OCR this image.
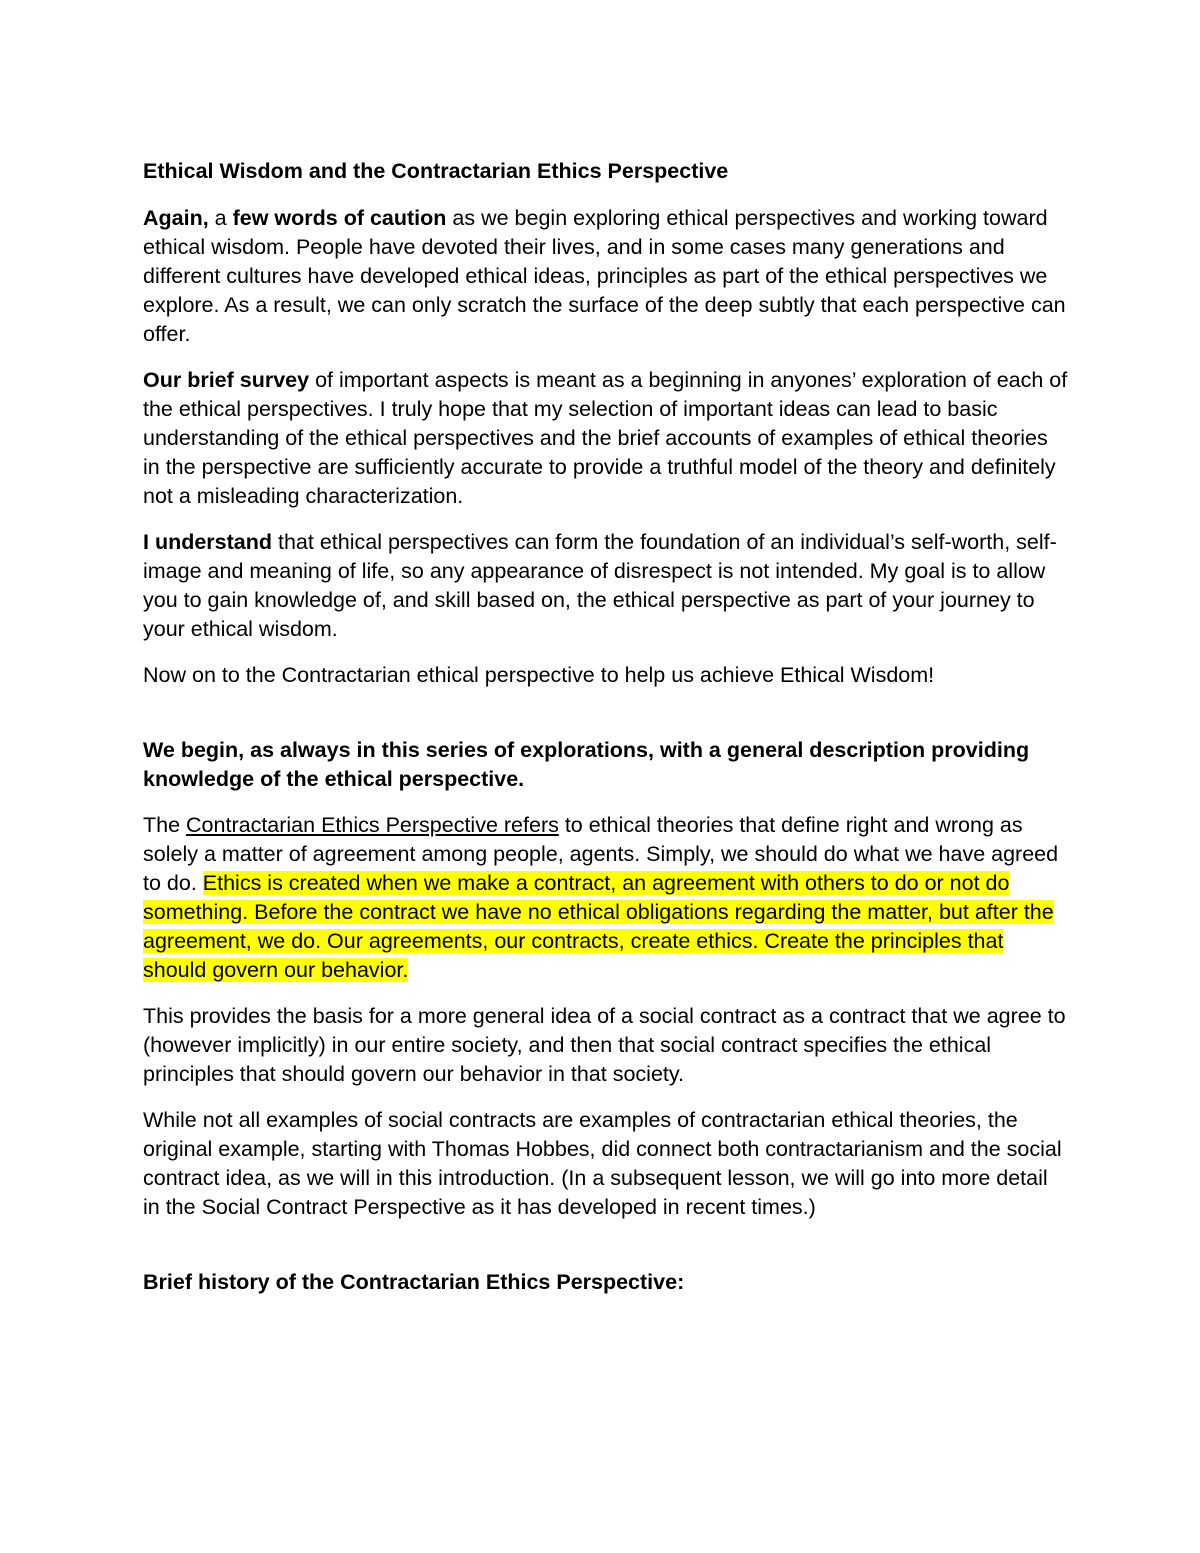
Ethical Wisdom and the Contractarian Ethics Perspective

Again, a few words of caution as we begin exploring ethical perspectives and working toward ethical wisdom. People have devoted their lives, and in some cases many generations and different cultures have developed ethical ideas, principles as part of the ethical perspectives we explore. As a result, we can only scratch the surface of the deep subtly that each perspective can offer.

Our brief survey of important aspects is meant as a beginning in anyones’ exploration of each of the ethical perspectives. I truly hope that my selection of important ideas can lead to basic understanding of the ethical perspectives and the brief accounts of examples of ethical theories in the perspective are sufficiently accurate to provide a truthful model of the theory and definitely not a misleading characterization.

I understand that ethical perspectives can form the foundation of an individual’s self-worth, self-image and meaning of life, so any appearance of disrespect is not intended. My goal is to allow you to gain knowledge of, and skill based on, the ethical perspective as part of your journey to your ethical wisdom.

Now on to the Contractarian ethical perspective to help us achieve Ethical Wisdom!

We begin, as always in this series of explorations, with a general description providing knowledge of the ethical perspective.

The Contractarian Ethics Perspective refers to ethical theories that define right and wrong as solely a matter of agreement among people, agents. Simply, we should do what we have agreed to do. Ethics is created when we make a contract, an agreement with others to do or not do something. Before the contract we have no ethical obligations regarding the matter, but after the agreement, we do. Our agreements, our contracts, create ethics. Create the principles that should govern our behavior.

This provides the basis for a more general idea of a social contract as a contract that we agree to (however implicitly) in our entire society, and then that social contract specifies the ethical principles that should govern our behavior in that society.

While not all examples of social contracts are examples of contractarian ethical theories, the original example, starting with Thomas Hobbes, did connect both contractarianism and the social contract idea, as we will in this introduction. (In a subsequent lesson, we will go into more detail in the Social Contract Perspective as it has developed in recent times.)

Brief history of the Contractarian Ethics Perspective:
